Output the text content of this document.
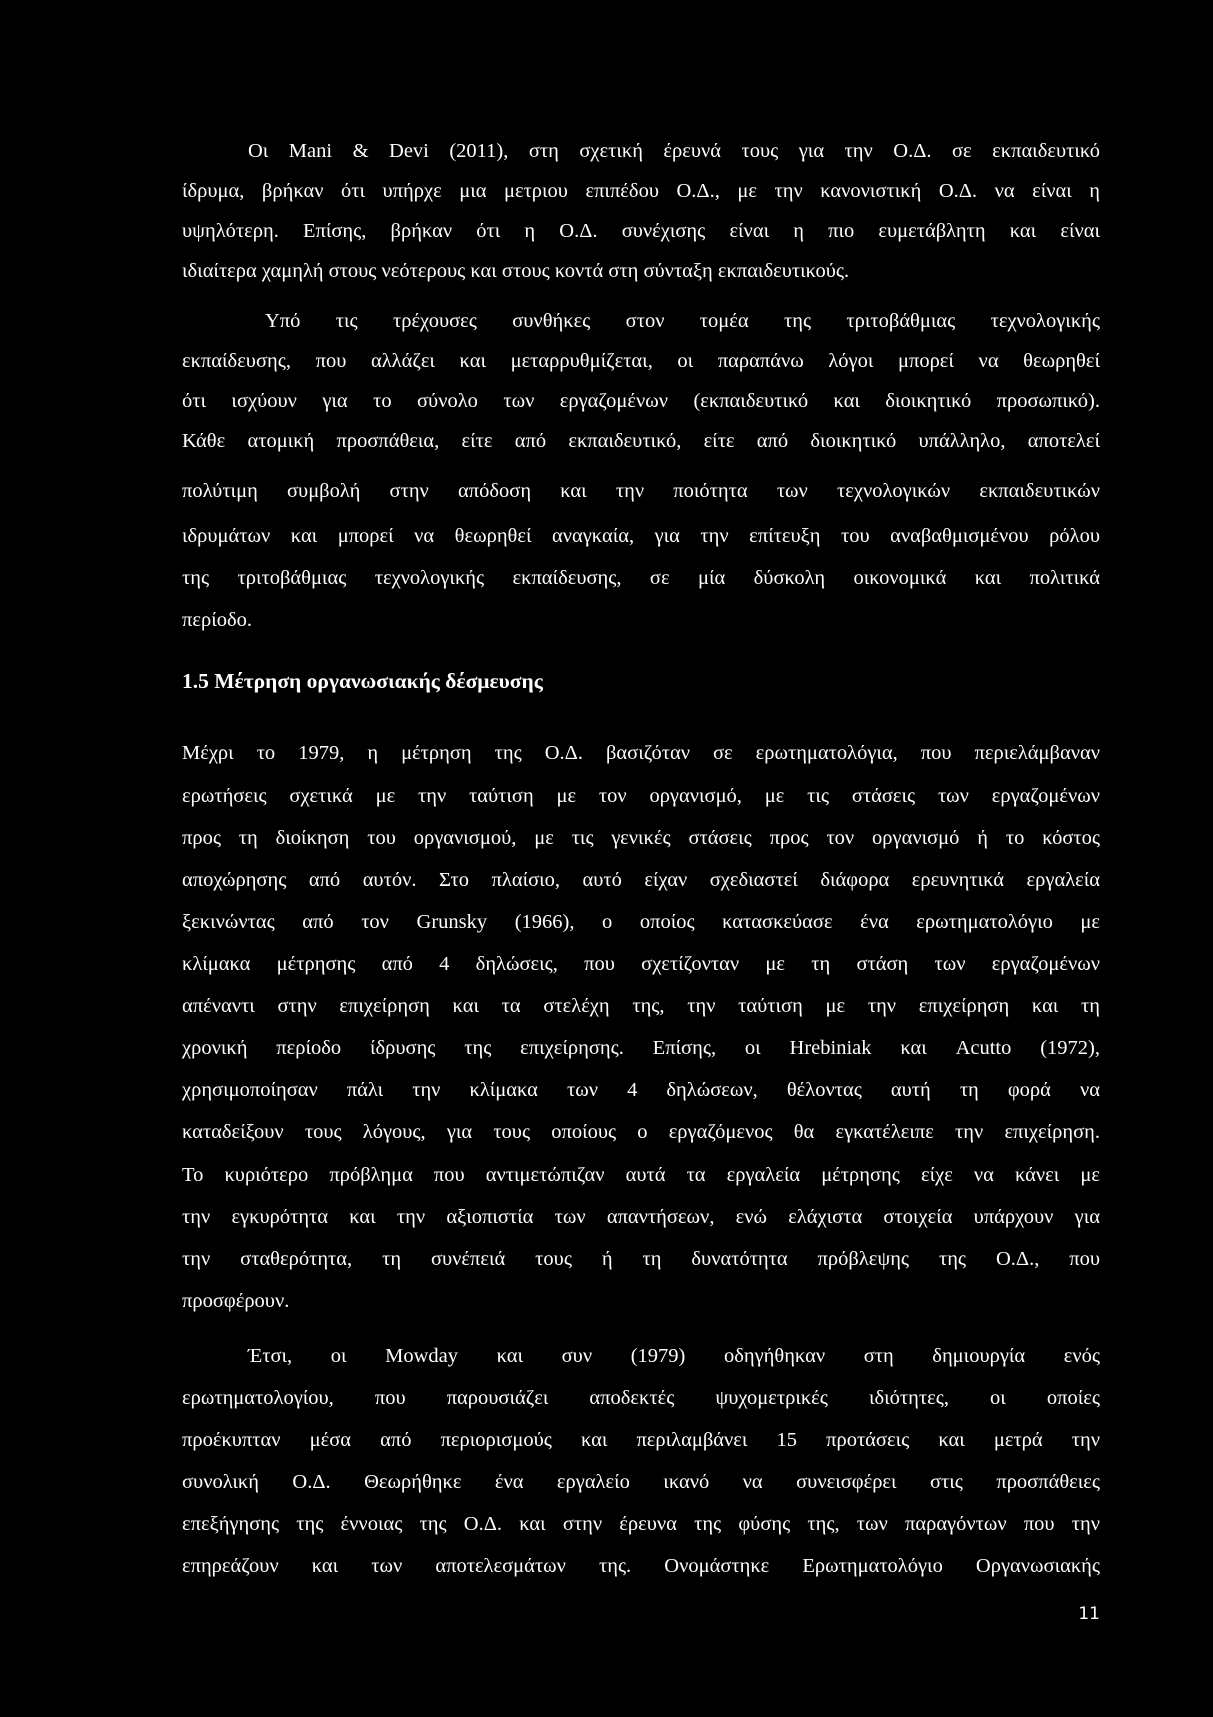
Οι Mani & Devi (2011), στη σχετική έρευνά τους για την Ο.Δ. σε εκπαιδευτικό
ίδρυμα, βρήκαν ότι υπήρχε μια μετριου επιπέδου Ο.Δ., με την κανονιστική Ο.Δ. να είναι η
υψηλότερη. Επίσης, βρήκαν ότι η Ο.Δ. συνέχισης είναι η πιο ευμετάβλητη και είναι
ιδιαίτερα χαμηλή στους νεότερους και στους κοντά στη σύνταξη εκπαιδευτικούς.
Υπό τις τρέχουσες συνθήκες στον τομέα της τριτοβάθμιας τεχνολογικής
εκπαίδευσης, που αλλάζει και μεταρρυθμίζεται, οι παραπάνω λόγοι μπορεί να θεωρηθεί
ότι ισχύουν για το σύνολο των εργαζομένων (εκπαιδευτικό και διοικητικό προσωπικό).
Κάθε ατομική προσπάθεια, είτε από εκπαιδευτικό, είτε από διοικητικό υπάλληλο, αποτελεί
πολύτιμη συμβολή στην απόδοση και την ποιότητα των τεχνολογικών εκπαιδευτικών
ιδρυμάτων και μπορεί να θεωρηθεί αναγκαία, για την επίτευξη του αναβαθμισμένου ρόλου
της τριτοβάθμιας τεχνολογικής εκπαίδευσης, σε μία δύσκολη οικονομικά και πολιτικά
περίοδο.
1.5 Μέτρηση οργανωσιακής δέσμευσης
Μέχρι το 1979, η μέτρηση της Ο.Δ. βασιζόταν σε ερωτηματολόγια, που περιελάμβαναν
ερωτήσεις σχετικά με την ταύτιση με τον οργανισμό, με τις στάσεις των εργαζομένων
προς τη διοίκηση του οργανισμού, με τις γενικές στάσεις προς τον οργανισμό ή το κόστος
αποχώρησης από αυτόν. Στο πλαίσιο, αυτό είχαν σχεδιαστεί διάφορα ερευνητικά εργαλεία
ξεκινώντας από τον Grunsky (1966), ο οποίος κατασκεύασε ένα ερωτηματολόγιο με
κλίμακα μέτρησης από 4 δηλώσεις, που σχετίζονταν με τη στάση των εργαζομένων
απέναντι στην επιχείρηση και τα στελέχη της, την ταύτιση με την επιχείρηση και τη
χρονική περίοδο ίδρυσης της επιχείρησης. Επίσης, οι Hrebiniak και Acutto (1972),
χρησιμοποίησαν πάλι την κλίμακα των 4 δηλώσεων, θέλοντας αυτή τη φορά να
καταδείξουν τους λόγους, για τους οποίους ο εργαζόμενος θα εγκατέλειπε την επιχείρηση.
Το κυριότερο πρόβλημα που αντιμετώπιζαν αυτά τα εργαλεία μέτρησης είχε να κάνει με
την εγκυρότητα και την αξιοπιστία των απαντήσεων, ενώ ελάχιστα στοιχεία υπάρχουν για
την σταθερότητα, τη συνέπειά τους ή τη δυνατότητα πρόβλεψης της Ο.Δ., που
προσφέρουν.
Έτσι, οι Mowday και συν (1979) οδηγήθηκαν στη δημιουργία ενός
ερωτηματολογίου, που παρουσιάζει αποδεκτές ψυχομετρικές ιδιότητες, οι οποίες
προέκυπταν μέσα από περιορισμούς και περιλαμβάνει 15 προτάσεις και μετρά την
συνολική Ο.Δ. Θεωρήθηκε ένα εργαλείο ικανό να συνεισφέρει στις προσπάθειες
επεξήγησης της έννοιας της Ο.Δ. και στην έρευνα της φύσης της, των παραγόντων που την
επηρεάζουν και των αποτελεσμάτων της. Ονομάστηκε Ερωτηματολόγιο Οργανωσιακής
11
